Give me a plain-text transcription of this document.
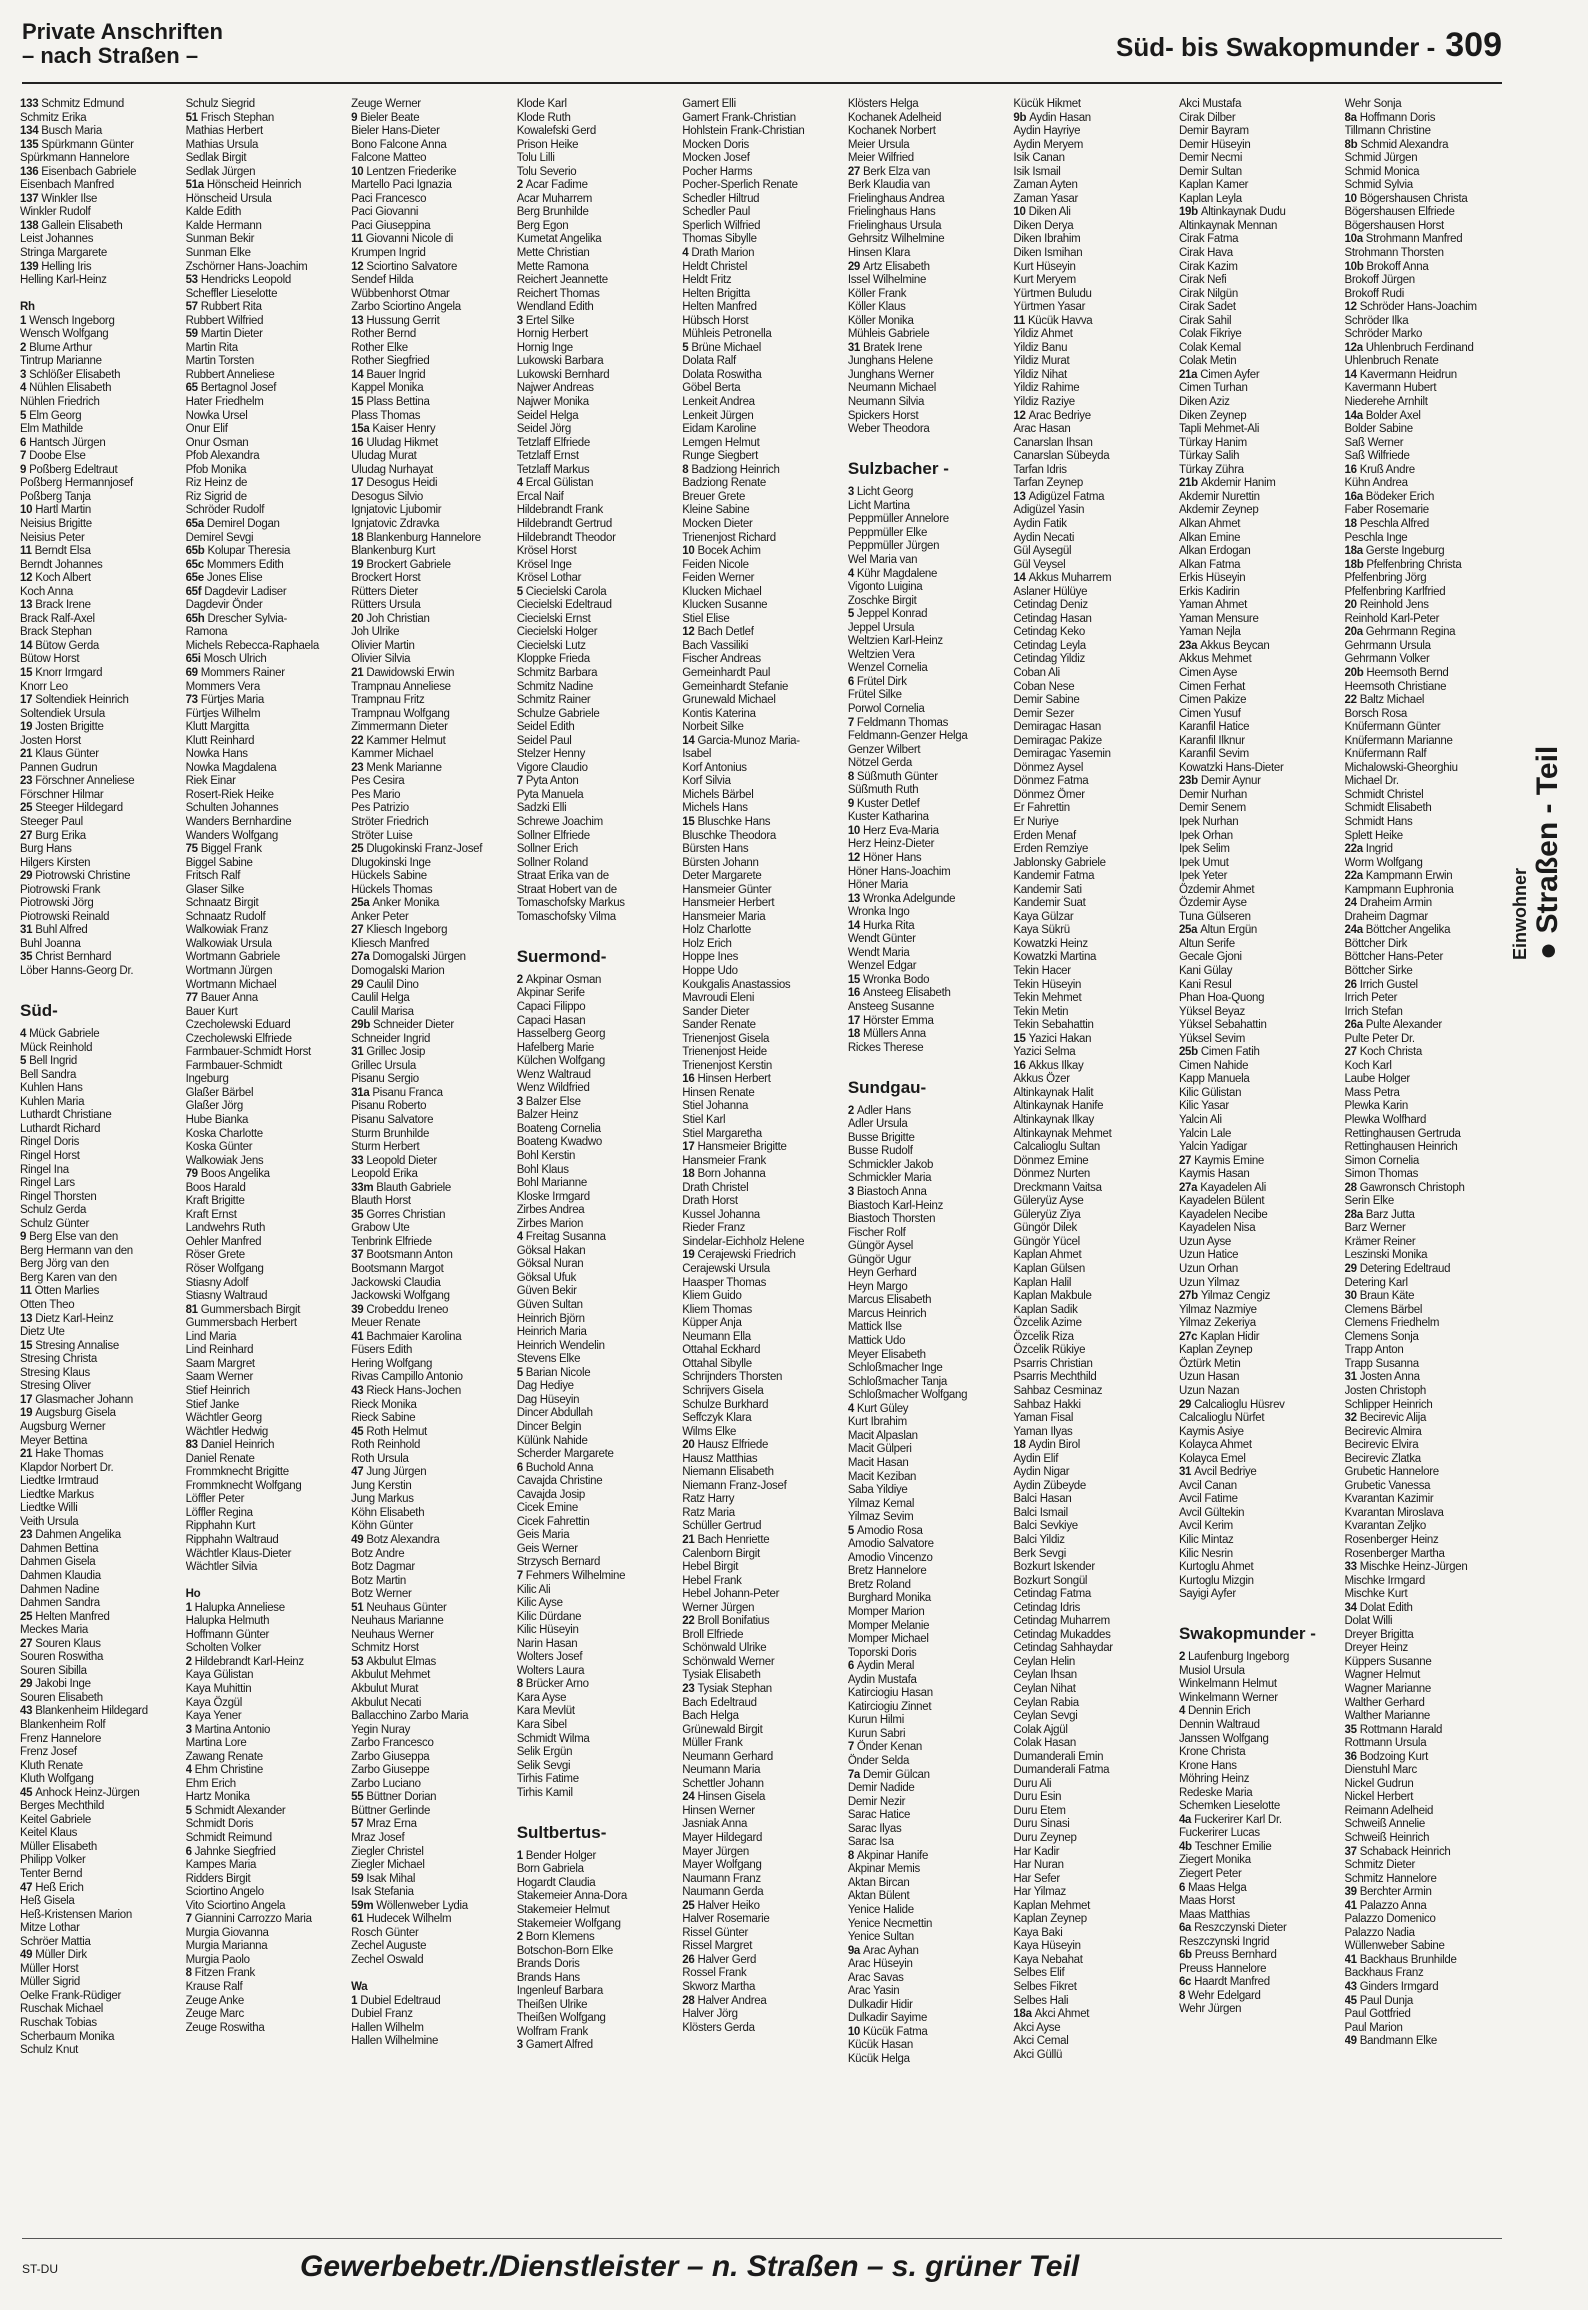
Private Anschriften
– nach Straßen –	Süd- bis Swakopmunder - 309
133 Schmitz Edmund
Schmitz Erika
134 Busch Maria
135 Spürkmann Günter
Spürkmann Hannelore
136 Eisenbach Gabriele
Eisenbach Manfred
137 Winkler Ilse
Winkler Rudolf
138 Gallein Elisabeth
Leist Johannes
Stringa Margarete
139 Helling Iris
Helling Karl-Heinz

Rh
1 Wensch Ingeborg
Wensch Wolfgang
2 Blume Arthur
Tintrup Marianne
3 Schlößer Elisabeth
4 Nühlen Elisabeth
Nühlen Friedrich
5 Elm Georg
Elm Mathilde
6 Hantsch Jürgen
7 Doobe Else
9 Poßberg Edeltraut
Poßberg Hermannjosef
Poßberg Tanja
10 Hartl Martin
Neisius Brigitte
Neisius Peter
11 Berndt Elsa
Berndt Johannes
12 Koch Albert
Koch Anna
13 Brack Irene
Brack Ralf-Axel
Brack Stephan
14 Bütow Gerda
Bütow Horst
15 Knorr Irmgard
Knorr Leo
17 Soltendiek Heinrich
Soltendiek Ursula
19 Josten Brigitte
Josten Horst
21 Klaus Günter
Pannen Gudrun
23 Förschner Anneliese
Förschner Hilmar
25 Steeger Hildegard
Steeger Paul
27 Burg Erika
Burg Hans
Hilgers Kirsten
29 Piotrowski Christine
Piotrowski Frank
Piotrowski Jörg
Piotrowski Reinald
31 Buhl Alfred
Buhl Joanna
35 Christ Bernhard
Löber Hanns-Georg Dr.

Süd-
4 Mück Gabriele
Mück Reinhold
5 Bell Ingrid
Bell Sandra
Kuhlen Hans
Kuhlen Maria
Luthardt Christiane
Luthardt Richard
Ringel Doris
Ringel Horst
Ringel Ina
Ringel Lars
Ringel Thorsten
Schulz Gerda
Schulz Günter
9 Berg Else van den
Berg Hermann van den
Berg Jörg van den
Berg Karen van den
11 Otten Marlies
Otten Theo
13 Dietz Karl-Heinz
Dietz Ute
15 Stresing Annalise
Stresing Christa
Stresing Klaus
Stresing Oliver
17 Glasmacher Johann
19 Augsburg Gisela
Augsburg Werner
Meyer Bettina
21 Hake Thomas
Klapdor Norbert Dr.
Liedtke Irmtraud
Liedtke Markus
Liedtke Willi
Veith Ursula
23 Dahmen Angelika
Dahmen Bettina
Dahmen Gisela
Dahmen Klaudia
Dahmen Nadine
Dahmen Sandra
25 Helten Manfred
Meckes Maria
27 Souren Klaus
Souren Roswitha
Souren Sibilla
29 Jakobi Inge
Souren Elisabeth
43 Blankenheim Hildegard
Blankenheim Rolf
Frenz Hannelore
Frenz Josef
Kluth Renate
Kluth Wolfgang
45 Anhock Heinz-Jürgen
Berges Mechthild
Keitel Gabriele
Keitel Klaus
Müller Elisabeth
Philipp Volker
Tenter Bernd
47 Heß Erich
Heß Gisela
Heß-Kristensen Marion
Mitze Lothar
Schröer Mattia
49 Müller Dirk
Müller Horst
Müller Sigrid
Oelke Frank-Rüdiger
Ruschak Michael
Ruschak Tobias
Scherbaum Monika
Schulz Knut
Schulz Siegrid
51 Frisch Stephan
Mathias Herbert
Mathias Ursula
Sedlak Birgit
Sedlak Jürgen
51a Hönscheid Heinrich
Hönscheid Ursula
Kalde Edith
Kalde Hermann
Sunman Bekir
Sunman Elke
Zschörner Hans-Joachim
53 Hendricks Leopold
Scheffler Lieselotte
57 Rubbert Rita
Rubbert Wilfried
59 Martin Dieter
Martin Rita
Martin Torsten
Rubbert Anneliese
65 Bertagnol Josef
Hater Friedhelm
Nowka Ursel
Onur Elif
Onur Osman
Pfob Alexandra
Pfob Monika
Riz Heinz de
Riz Sigrid de
Schröder Rudolf
65a Demirel Dogan
Demirel Sevgi
65b Kolupar Theresia
65c Mommers Edith
65e Jones Elise
65f Dagdevir Ladiser
Dagdevir Önder
65h Drescher Sylvia-
Ramona
Michels Rebecca-Raphaela
65i Mosch Ulrich
69 Mommers Rainer
Mommers Vera
73 Fürtjes Maria
Fürtjes Wilhelm
Klutt Margitta
Klutt Reinhard
Nowka Hans
Nowka Magdalena
Riek Einar
Rosert-Riek Heike
Schulten Johannes
Wanders Bernhardine
Wanders Wolfgang
75 Biggel Frank
Biggel Sabine
Fritsch Ralf
Glaser Silke
Schnaatz Birgit
Schnaatz Rudolf
Walkowiak Franz
Walkowiak Ursula
Wortmann Gabriele
Wortmann Jürgen
Wortmann Michael
77 Bauer Anna
Bauer Kurt
Czecholewski Eduard
Czecholewski Elfriede
Farmbauer-Schmidt Horst
Farmbauer-Schmidt
Ingeburg
Glaßer Bärbel
Glaßer Jörg
Hube Bianka
Koska Charlotte
Koska Günter
Walkowiak Jens
79 Boos Angelika
Boos Harald
Kraft Brigitte
Kraft Ernst
Landwehrs Ruth
Oehler Manfred
Röser Grete
Röser Wolfgang
Stiasny Adolf
Stiasny Waltraud
81 Gummersbach Birgit
Gummersbach Herbert
Lind Maria
Lind Reinhard
Saam Margret
Saam Werner
Stief Heinrich
Stief Janke
Wächtler Georg
Wächtler Hedwig
83 Daniel Heinrich
Daniel Renate
Frommknecht Brigitte
Frommknecht Wolfgang
Löffler Peter
Löffler Regina
Ripphahn Kurt
Ripphahn Waltraud
Wächtler Klaus-Dieter
Wächtler Silvia

Ho
1 Halupka Anneliese
Halupka Helmuth
Hoffmann Günter
Scholten Volker
2 Hildebrandt Karl-Heinz
Kaya Gülistan
Kaya Muhittin
Kaya Özgül
Kaya Yener
3 Martina Antonio
Martina Lore
Zawang Renate
4 Ehm Christine
Ehm Erich
Hartz Monika
5 Schmidt Alexander
Schmidt Doris
Schmidt Reimund
6 Jahnke Siegfried
Kampes Maria
Ridders Birgit
Sciortino Angelo
Vito Sciortino Angela
7 Giannini Carrozzo Maria
Murgia Giovanna
Murgia Marianna
Murgia Paolo
8 Fitzen Frank
Krause Ralf
Zeuge Anke
Zeuge Marc
Zeuge Roswitha
Zeuge Werner
9 Bieler Beate
Bieler Hans-Dieter
Bono Falcone Anna
Falcone Matteo
10 Lentzen Friederike
Martello Paci Ignazia
Paci Francesco
Paci Giovanni
Paci Giuseppina
11 Giovanni Nicole di
Krumpen Ingrid
12 Sciortino Salvatore
Sendef Hilda
Wübbenhorst Otmar
Zarbo Sciortino Angela
13 Hussung Gerrit
Rother Bernd
Rother Elke
Rother Siegfried
14 Bauer Ingrid
Kappel Monika
15 Plass Bettina
Plass Thomas
15a Kaiser Henry
16 Uludag Hikmet
Uludag Murat
Uludag Nurhayat
17 Desogus Heidi
Desogus Silvio
Ignjatovic Ljubomir
Ignjatovic Zdravka
18 Blankenburg Hannelore
Blankenburg Kurt
19 Brockert Gabriele
Brockert Horst
Rütters Dieter
Rütters Ursula
20 Joh Christian
Joh Ulrike
Olivier Martin
Olivier Silvia
21 Dawidowski Erwin
Trampnau Anneliese
Trampnau Fritz
Trampnau Wolfgang
Zimmermann Dieter
22 Kammer Helmut
Kammer Michael
23 Menk Marianne
Pes Cesira
Pes Mario
Pes Patrizio
Ströter Friedrich
Ströter Luise
25 Dlugokinski Franz-Josef
Dlugokinski Inge
Hückels Sabine
Hückels Thomas
25a Anker Monika
Anker Peter
27 Kliesch Ingeborg
Kliesch Manfred
27a Domogalski Jürgen
Domogalski Marion
29 Caulil Dino
Caulil Helga
Caulil Marisa
29b Schneider Dieter
Schneider Ingrid
31 Grillec Josip
Grillec Ursula
Pisanu Sergio
31a Pisanu Franca
Pisanu Roberto
Pisanu Salvatore
Sturm Brunhilde
Sturm Herbert
33 Leopold Dieter
Leopold Erika
33m Blauth Gabriele
Blauth Horst
35 Gorres Christian
Grabow Ute
Tenbrink Elfriede
37 Bootsmann Anton
Bootsmann Margot
Jackowski Claudia
Jackowski Wolfgang
39 Crobeddu Ireneo
Meuer Renate
41 Bachmaier Karolina
Füsers Edith
Hering Wolfgang
Rivas Campillo Antonio
43 Rieck Hans-Jochen
Rieck Monika
Rieck Sabine
45 Roth Helmut
Roth Reinhold
Roth Ursula
47 Jung Jürgen
Jung Kerstin
Jung Markus
Köhn Elisabeth
Köhn Günter
49 Botz Alexandra
Botz Andre
Botz Dagmar
Botz Martin
Botz Werner
51 Neuhaus Günter
Neuhaus Marianne
Neuhaus Werner
Schmitz Horst
53 Akbulut Elmas
Akbulut Mehmet
Akbulut Murat
Akbulut Necati
Ballacchino Zarbo Maria
Yegin Nuray
Zarbo Francesco
Zarbo Giuseppa
Zarbo Giuseppe
Zarbo Luciano
55 Büttner Dorian
Büttner Gerlinde
57 Mraz Erna
Mraz Josef
Ziegler Christel
Ziegler Michael
59 Isak Mihal
Isak Stefania
59m Wöllenweber Lydia
61 Hudecek Wilhelm
Rosch Günter
Zechel Auguste
Zechel Oswald

Wa
1 Dubiel Edeltraud
Dubiel Franz
Hallen Wilhelm
Hallen Wilhelmine
Klode Karl
Klode Ruth
Kowalefski Gerd
Prison Heike
Tolu Lilli
Tolu Severio
2 Acar Fadime
Acar Muharrem
Berg Brunhilde
Berg Egon
Kumetat Angelika
Mette Christian
Mette Ramona
Reichert Jeannette
Reichert Thomas
Wendland Edith
3 Ertel Silke
Hornig Herbert
Hornig Inge
Lukowski Barbara
Lukowski Bernhard
Najwer Andreas
Najwer Monika
Seidel Helga
Seidel Jörg
Tetzlaff Elfriede
Tetzlaff Ernst
Tetzlaff Markus
4 Ercal Gülistan
Ercal Naif
Hildebrandt Frank
Hildebrandt Gertrud
Hildebrandt Theodor
Krösel Horst
Krösel Inge
Krösel Lothar
5 Ciecielski Carola
Ciecielski Edeltraud
Ciecielski Ernst
Ciecielski Holger
Ciecielski Lutz
Kloppke Frieda
Schmitz Barbara
Schmitz Nadine
Schmitz Rainer
Schulze Gabriele
Seidel Edith
Seidel Paul
Stelzer Henny
Vigore Claudio
7 Pyta Anton
Pyta Manuela
Sadzki Elli
Schrewe Joachim
Sollner Elfriede
Sollner Erich
Sollner Roland
Straat Erika van de
Straat Hobert van de
Tomaschofsky Markus
Tomaschofsky Vilma

Suermond-
2 Akpinar Osman
Akpinar Serife
Capaci Filippo
Capaci Hasan
Hasselberg Georg
Hafelberg Marie
Külchen Wolfgang
Wenz Waltraud
Wenz Wildfried
3 Balzer Else
Balzer Heinz
Boateng Cornelia
Boateng Kwadwo
Bohl Kerstin
Bohl Klaus
Bohl Marianne
Kloske Irmgard
Zirbes Andrea
Zirbes Marion
4 Freitag Susanna
Göksal Hakan
Göksal Nuran
Göksal Ufuk
Güven Bekir
Güven Sultan
Heinrich Björn
Heinrich Maria
Heinrich Wendelin
Stevens Elke
5 Barian Nicole
Dag Hediye
Dag Hüseyin
Dincer Abdullah
Dincer Belgin
Külünk Nahide
Scherder Margarete
6 Buchold Anna
Cavajda Christine
Cavajda Josip
Cicek Emine
Cicek Fahrettin
Geis Maria
Geis Werner
Strzysch Bernard
7 Fehmers Wilhelmine
Kilic Ali
Kilic Ayse
Kilic Dürdane
Kilic Hüseyin
Narin Hasan
Wolters Josef
Wolters Laura
8 Brücker Arno
Kara Ayse
Kara Mevlüt
Kara Sibel
Schmidt Wilma
Selik Ergün
Selik Sevgi
Tirhis Fatime
Tirhis Kamil

Sultbertus-
1 Bender Holger
Born Gabriela
Hogardt Claudia
Stakemeier Anna-Dora
Stakemeier Helmut
Stakemeier Wolfgang
2 Born Klemens
Botschon-Born Elke
Brands Doris
Brands Hans
Ingenleuf Barbara
Theißen Ulrike
Theißen Wolfgang
Wolfram Frank
3 Gamert Alfred
Gamert Elli
Gamert Frank-Christian
Hohlstein Frank-Christian
Mocken Doris
Mocken Josef
Pocher Harms
Pocher-Sperlich Renate
Schedler Hiltrud
Schedler Paul
Sperlich Wilfried
Thomas Sibylle
4 Drath Marion
Heldt Christel
Heldt Fritz
Helten Brigitta
Helten Manfred
Hübsch Horst
Mühleis Petronella
5 Brüne Michael
Dolata Ralf
Dolata Roswitha
Göbel Berta
Lenkeit Andrea
Lenkeit Jürgen
Eidam Karoline
Lemgen Helmut
Runge Siegbert
8 Badziong Heinrich
Badziong Renate
Breuer Grete
Kleine Sabine
Mocken Dieter
Trienenjost Richard
10 Bocek Achim
Feiden Nicole
Feiden Werner
Klucken Michael
Klucken Susanne
Stiel Elise
12 Bach Detlef
Bach Vassiliki
Fischer Andreas
Gemeinhardt Paul
Gemeinhardt Stefanie
Grunewald Michael
Kontis Katerina
Norbeit Silke
14 Garcia-Munoz Maria-
Isabel
Korf Antonius
Korf Silvia
Michels Bärbel
Michels Hans
15 Bluschke Hans
Bluschke Theodora
Bürsten Hans
Bürsten Johann
Deter Margarete
Hansmeier Günter
Hansmeier Herbert
Hansmeier Maria
Holz Charlotte
Holz Erich
Hoppe Ines
Hoppe Udo
Koukgalis Anastassios
Mavroudi Eleni
Sander Dieter
Sander Renate
Trienenjost Gisela
Trienenjost Heide
Trienenjost Kerstin
16 Hinsen Herbert
Hinsen Renate
Stiel Johanna
Stiel Karl
Stiel Margaretha
17 Hansmeier Brigitte
Hansmeier Frank
18 Born Johanna
Drath Christel
Drath Horst
Kussel Johanna
Rieder Franz
Sindelar-Eichholz Helene
19 Cerajewski Friedrich
Cerajewski Ursula
Haasper Thomas
Kliem Guido
Kliem Thomas
Küpper Anja
Neumann Ella
Ottahal Eckhard
Ottahal Sibylle
Schrijnders Thorsten
Schrijvers Gisela
Schulze Burkhard
Seffczyk Klara
Wilms Elke
20 Hausz Elfriede
Hausz Matthias
Niemann Elisabeth
Niemann Franz-Josef
Ratz Harry
Ratz Maria
Schüller Gertrud
21 Bach Henriette
Calenborn Birgit
Hebel Birgit
Hebel Frank
Hebel Johann-Peter
Werner Jürgen
22 Broll Bonifatius
Broll Elfriede
Schönwald Ulrike
Schönwald Werner
Tysiak Elisabeth
23 Tysiak Stephan
Bach Edeltraud
Bach Helga
Grünewald Birgit
Müller Frank
Neumann Gerhard
Neumann Maria
Schettler Johann
24 Hinsen Gisela
Hinsen Werner
Jasniak Anna
Mayer Hildegard
Mayer Jürgen
Mayer Wolfgang
Naumann Franz
Naumann Gerda
25 Halver Heiko
Halver Rosemarie
Rissel Günter
Rissel Margret
26 Halver Gerd
Rossel Frank
Skworz Martha
28 Halver Andrea
Halver Jörg
Klösters Gerda
Klösters Helga
Kochanek Adelheid
Kochanek Norbert
Meier Ursula
Meier Wilfried
27 Berk Elza van
Berk Klaudia van
Frielinghaus Andrea
Frielinghaus Hans
Frielinghaus Ursula
Gehrsitz Wilhelmine
Hinsen Klara
29 Artz Elisabeth
Issel Wilhelmine
Köller Frank
Köller Klaus
Köller Monika
Mühleis Gabriele
31 Bratek Irene
Junghans Helene
Junghans Werner
Neumann Michael
Neumann Silvia
Spickers Horst
Weber Theodora

Sulzbacher -
3 Licht Georg
Licht Martina
Peppmüller Annelore
Peppmüller Elke
Peppmüller Jürgen
Wel Maria van
4 Kühr Magdalene
Vigonto Luigina
Zoschke Birgit
5 Jeppel Konrad
Jeppel Ursula
Weltzien Karl-Heinz
Weltzien Vera
Wenzel Cornelia
6 Frütel Dirk
Frütel Silke
Porwol Cornelia
7 Feldmann Thomas
Feldmann-Genzer Helga
Genzer Wilbert
Nötzel Gerda
8 Süßmuth Günter
Süßmuth Ruth
9 Kuster Detlef
Kuster Katharina
10 Herz Eva-Maria
Herz Heinz-Dieter
12 Höner Hans
Höner Hans-Joachim
Höner Maria
13 Wronka Adelgunde
Wronka Ingo
14 Hurka Rita
Wendt Günter
Wendt Maria
Wenzel Edgar
15 Wronka Bodo
16 Ansteeg Elisabeth
Ansteeg Susanne
17 Hörster Emma
18 Müllers Anna
Rickes Therese

Sundgau-
2 Adler Hans
Adler Ursula
Busse Brigitte
Busse Rudolf
Schmickler Jakob
Schmickler Maria
3 Biastoch Anna
Biastoch Karl-Heinz
Biastoch Thorsten
Fischer Rolf
Güngör Aysel
Güngör Ugur
Heyn Gerhard
Heyn Margo
Marcus Elisabeth
Marcus Heinrich
Mattick Ilse
Mattick Udo
Meyer Elisabeth
Schloßmacher Inge
Schloßmacher Tanja
Schloßmacher Wolfgang
4 Kurt Güley
Kurt Ibrahim
Macit Alpaslan
Macit Gülperi
Macit Hasan
Macit Keziban
Saba Yildiye
Yilmaz Kemal
Yilmaz Sevim
5 Amodio Rosa
Amodio Salvatore
Amodio Vincenzo
Bretz Hannelore
Bretz Roland
Burghard Monika
Momper Marion
Momper Melanie
Momper Michael
Toporski Doris
6 Aydin Meral
Aydin Mustafa
Katirciogiu Hasan
Katirciogiu Zinnet
Kurun Hilmi
Kurun Sabri
7 Önder Kenan
Önder Selda
7a Demir Gülcan
Demir Nadide
Demir Nezir
Sarac Hatice
Sarac Ilyas
Sarac Isa
8 Akpinar Hanife
Akpinar Memis
Aktan Bircan
Aktan Bülent
Yenice Halide
Yenice Necmettin
Yenice Sultan
9a Arac Ayhan
Arac Hüseyin
Arac Savas
Arac Yasin
Dulkadir Hidir
Dulkadir Sayime
10 Kücük Fatma
Kücük Hasan
Kücük Helga
Kücük Hikmet
9b Aydin Hasan
Aydin Hayriye
Aydin Meryem
Isik Canan
Isik Ismail
Zaman Ayten
Zaman Yasar
10 Diken Ali
Diken Derya
Diken Ibrahim
Diken Ismihan
Kurt Hüseyin
Kurt Meryem
Yürtmen Buludu
Yürtmen Yasar
11 Kücük Havva
Yildiz Ahmet
Yildiz Banu
Yildiz Murat
Yildiz Nihat
Yildiz Rahime
Yildiz Raziye
12 Arac Bedriye
Arac Hasan
Canarslan Ihsan
Canarslan Sübeyda
Tarfan Idris
Tarfan Zeynep
13 Adigüzel Fatma
Adigüzel Yasin
Aydin Fatik
Aydin Necati
Gül Aysegül
Gül Veysel
14 Akkus Muharrem
Aslaner Hülüye
Cetindag Deniz
Cetindag Hasan
Cetindag Keko
Cetindag Leyla
Cetindag Yildiz
Coban Ali
Coban Nese
Demir Sabine
Demir Sezer
Demiragac Hasan
Demiragac Pakize
Demiragac Yasemin
Dönmez Aysel
Dönmez Fatma
Dönmez Ömer
Er Fahrettin
Er Nuriye
Erden Menaf
Erden Remziye
Jablonsky Gabriele
Kandemir Fatma
Kandemir Sati
Kandemir Suat
Kaya Gülzar
Kaya Sükrü
Kowatzki Heinz
Kowatzki Martina
Tekin Hacer
Tekin Hüseyin
Tekin Mehmet
Tekin Metin
Tekin Sebahattin
15 Yazici Hakan
Yazici Selma
16 Akkus Ilkay
Akkus Özer
Altinkaynak Halit
Altinkaynak Hanife
Altinkaynak Ilkay
Altinkaynak Mehmet
Calcalioglu Sultan
Dönmez Emine
Dönmez Nurten
Dreckmann Vaitsa
Güleryüz Ayse
Güleryüz Ziya
Güngör Dilek
Güngör Yücel
Kaplan Ahmet
Kaplan Gülsen
Kaplan Halil
Kaplan Makbule
Kaplan Sadik
Özcelik Azime
Özcelik Riza
Özcelik Rükiye
Psarris Christian
Psarris Mechthild
Sahbaz Cesminaz
Sahbaz Hakki
Yaman Fisal
Yaman Ilyas
18 Aydin Birol
Aydin Elif
Aydin Nigar
Aydin Zübeyde
Balci Hasan
Balci Ismail
Balci Sevkiye
Balci Yildiz
Berk Sevgi
Bozkurt Iskender
Bozkurt Songül
Cetindag Fatma
Cetindag Idris
Cetindag Muharrem
Cetindag Mukaddes
Cetindag Sahhaydar
Ceylan Helin
Ceylan Ihsan
Ceylan Nihat
Ceylan Rabia
Ceylan Sevgi
Colak Ajgül
Colak Hasan
Dumanderali Emin
Dumanderali Fatma
Duru Ali
Duru Esin
Duru Etem
Duru Sinasi
Duru Zeynep
Har Kadir
Har Nuran
Har Sefer
Har Yilmaz
Kaplan Mehmet
Kaplan Zeynep
Kaya Baki
Kaya Hüseyin
Kaya Nebahat
Selbes Elif
Selbes Fikret
Selbes Hali
18a Akci Ahmet
Akci Ayse
Akci Cemal
Akci Güllü
Akci Mustafa
Cirak Dilber
Demir Bayram
Demir Hüseyin
Demir Necmi
Demir Sultan
Kaplan Kamer
Kaplan Leyla
19b Altinkaynak Dudu
Altinkaynak Mennan
Cirak Fatma
Cirak Hava
Cirak Kazim
Cirak Nefi
Cirak Nilgün
Cirak Sadet
Cirak Sahil
Colak Fikriye
Colak Kemal
Colak Metin
21a Cimen Ayfer
Cimen Turhan
Diken Aziz
Diken Zeynep
Tapli Mehmet-Ali
Türkay Hanim
Türkay Salih
Türkay Zühra
21b Akdemir Hanim
Akdemir Nurettin
Akdemir Zeynep
Alkan Ahmet
Alkan Emine
Alkan Erdogan
Alkan Fatma
Erkis Hüseyin
Erkis Kadirin
Yaman Ahmet
Yaman Mensure
Yaman Nejla
23a Akkus Beycan
Akkus Mehmet
Cimen Ayse
Cimen Ferhat
Cimen Pakize
Cimen Yusuf
Karanfil Hatice
Karanfil Ilknur
Karanfil Sevim
Kowatzki Hans-Dieter
23b Demir Aynur
Demir Nurhan
Demir Senem
Ipek Nurhan
Ipek Orhan
Ipek Selim
Ipek Umut
Ipek Yeter
Özdemir Ahmet
Özdemir Ayse
Tuna Gülseren
25a Altun Ergün
Altun Serife
Gecale Gjoni
Kani Gülay
Kani Resul
Phan Hoa-Quong
Yüksel Beyaz
Yüksel Sebahattin
Yüksel Sevim
25b Cimen Fatih
Cimen Nahide
Kapp Manuela
Kilic Gülistan
Kilic Yasar
Yalcin Ali
Yalcin Lale
Yalcin Yadigar
27 Kaymis Emine
Kaymis Hasan
27a Kayadelen Ali
Kayadelen Bülent
Kayadelen Necibe
Kayadelen Nisa
Uzun Ayse
Uzun Hatice
Uzun Orhan
Uzun Yilmaz
27b Yilmaz Cengiz
Yilmaz Nazmiye
Yilmaz Zekeriya
27c Kaplan Hidir
Kaplan Zeynep
Öztürk Metin
Uzun Hasan
Uzun Nazan
29 Calcalioglu Hüsrev
Calcalioglu Nürfet
Kaymis Asiye
Kolayca Ahmet
Kolayca Emel
31 Avcil Bedriye
Avcil Canan
Avcil Fatime
Avcil Gültekin
Avcil Kerim
Kilic Mintaz
Kilic Nesrin
Kurtoglu Ahmet
Kurtoglu Mizgin
Sayigi Ayfer

Swakopmunder -
2 Laufenburg Ingeborg
Musiol Ursula
Winkelmann Helmut
Winkelmann Werner
4 Dennin Erich
Dennin Waltraud
Janssen Wolfgang
Krone Christa
Krone Hans
Möhring Heinz
Redeske Maria
Schemken Lieselotte
4a Fuckerirer Karl Dr.
Fuckerirer Lucas
4b Teschner Emilie
Ziegert Monika
Ziegert Peter
6 Maas Helga
Maas Horst
Maas Matthias
6a Reszczynski Dieter
Reszczynski Ingrid
6b Preuss Bernhard
Preuss Hannelore
6c Haardt Manfred
8 Wehr Edelgard
Wehr Jürgen
Wehr Sonja
8a Hoffmann Doris
Tillmann Christine
8b Schmid Alexandra
Schmid Jürgen
Schmid Monica
Schmid Sylvia
10 Bögershausen Christa
Bögershausen Elfriede
Bögershausen Horst
10a Strohmann Manfred
Strohmann Thorsten
10b Brokoff Anna
Brokoff Jürgen
Brokoff Rudi
12 Schröder Hans-Joachim
Schröder Ilka
Schröder Marko
12a Uhlenbruch Ferdinand
Uhlenbruch Renate
14 Kavermann Heidrun
Kavermann Hubert
Niederehe Arnhilt
14a Bolder Axel
Bolder Sabine
Saß Werner
Saß Wilfriede
16 Kruß Andre
Kühn Andrea
16a Bödeker Erich
Faber Rosemarie
18 Peschla Alfred
Peschla Inge
18a Gerste Ingeburg
18b Pfelfenbring Christa
Pfelfenbring Jörg
Pfelfenbring Karlfried
20 Reinhold Jens
Reinhold Karl-Peter
20a Gehrmann Regina
Gehrmann Ursula
Gehrmann Volker
20b Heemsoth Bernd
Heemsoth Christiane
22 Baltz Michael
Borsch Rosa
Knüfermann Günter
Knüfermann Marianne
Knüfermann Ralf
Michalowski-Gheorghiu
Michael Dr.
Schmidt Christel
Schmidt Elisabeth
Schmidt Hans
Splett Heike
22a Ingrid
Worm Wolfgang
22a Kampmann Erwin
Kampmann Euphronia
24 Draheim Armin
Draheim Dagmar
24a Böttcher Angelika
Böttcher Dirk
Böttcher Hans-Peter
Böttcher Sirke
26 Irrich Gustel
Irrich Peter
Irrich Stefan
26a Pulte Alexander
Pulte Peter Dr.
27 Koch Christa
Koch Karl
Laube Holger
Mass Petra
Plewka Karin
Plewka Wolfhard
Rettinghausen Gertruda
Rettinghausen Heinrich
Simon Cornelia
Simon Thomas
28 Gawronsch Christoph
Serin Elke
28a Barz Jutta
Barz Werner
Krämer Reiner
Leszinski Monika
29 Detering Edeltraud
Detering Karl
30 Braun Käte
Clemens Bärbel
Clemens Friedhelm
Clemens Sonja
Trapp Anton
Trapp Susanna
31 Josten Anna
Josten Christoph
Schlipper Heinrich
32 Becirevic Alija
Becirevic Almira
Becirevic Elvira
Becirevic Zlatka
Grubetic Hannelore
Grubetic Vanessa
Kvarantan Kazimir
Kvarantan Miroslava
Kvarantan Zeljko
Rosenberger Heinz
Rosenberger Martha
33 Mischke Heinz-Jürgen
Mischke Irmgard
Mischke Kurt
34 Dolat Edith
Dolat Willi
Dreyer Brigitta
Dreyer Heinz
Küppers Susanne
Wagner Helmut
Wagner Marianne
Walther Gerhard
Walther Marianne
35 Rottmann Harald
Rottmann Ursula
36 Bodzoing Kurt
Dienstuhl Marc
Nickel Gudrun
Nickel Herbert
Reimann Adelheid
Schweiß Annelie
Schweiß Heinrich
37 Schaback Heinrich
Schmitz Dieter
Schmitz Hannelore
39 Berchter Armin
41 Palazzo Anna
Palazzo Domenico
Palazzo Nadia
Wüllenweber Sabine
41 Backhaus Brunhilde
Backhaus Franz
43 Ginders Irmgard
45 Paul Dunja
Paul Gottfried
Paul Marion
49 Bandmann Elke
Einwohner ● Straßen - Teil
ST-DU	Gewerbebetr./Dienstleister – n. Straßen – s. grüner Teil
